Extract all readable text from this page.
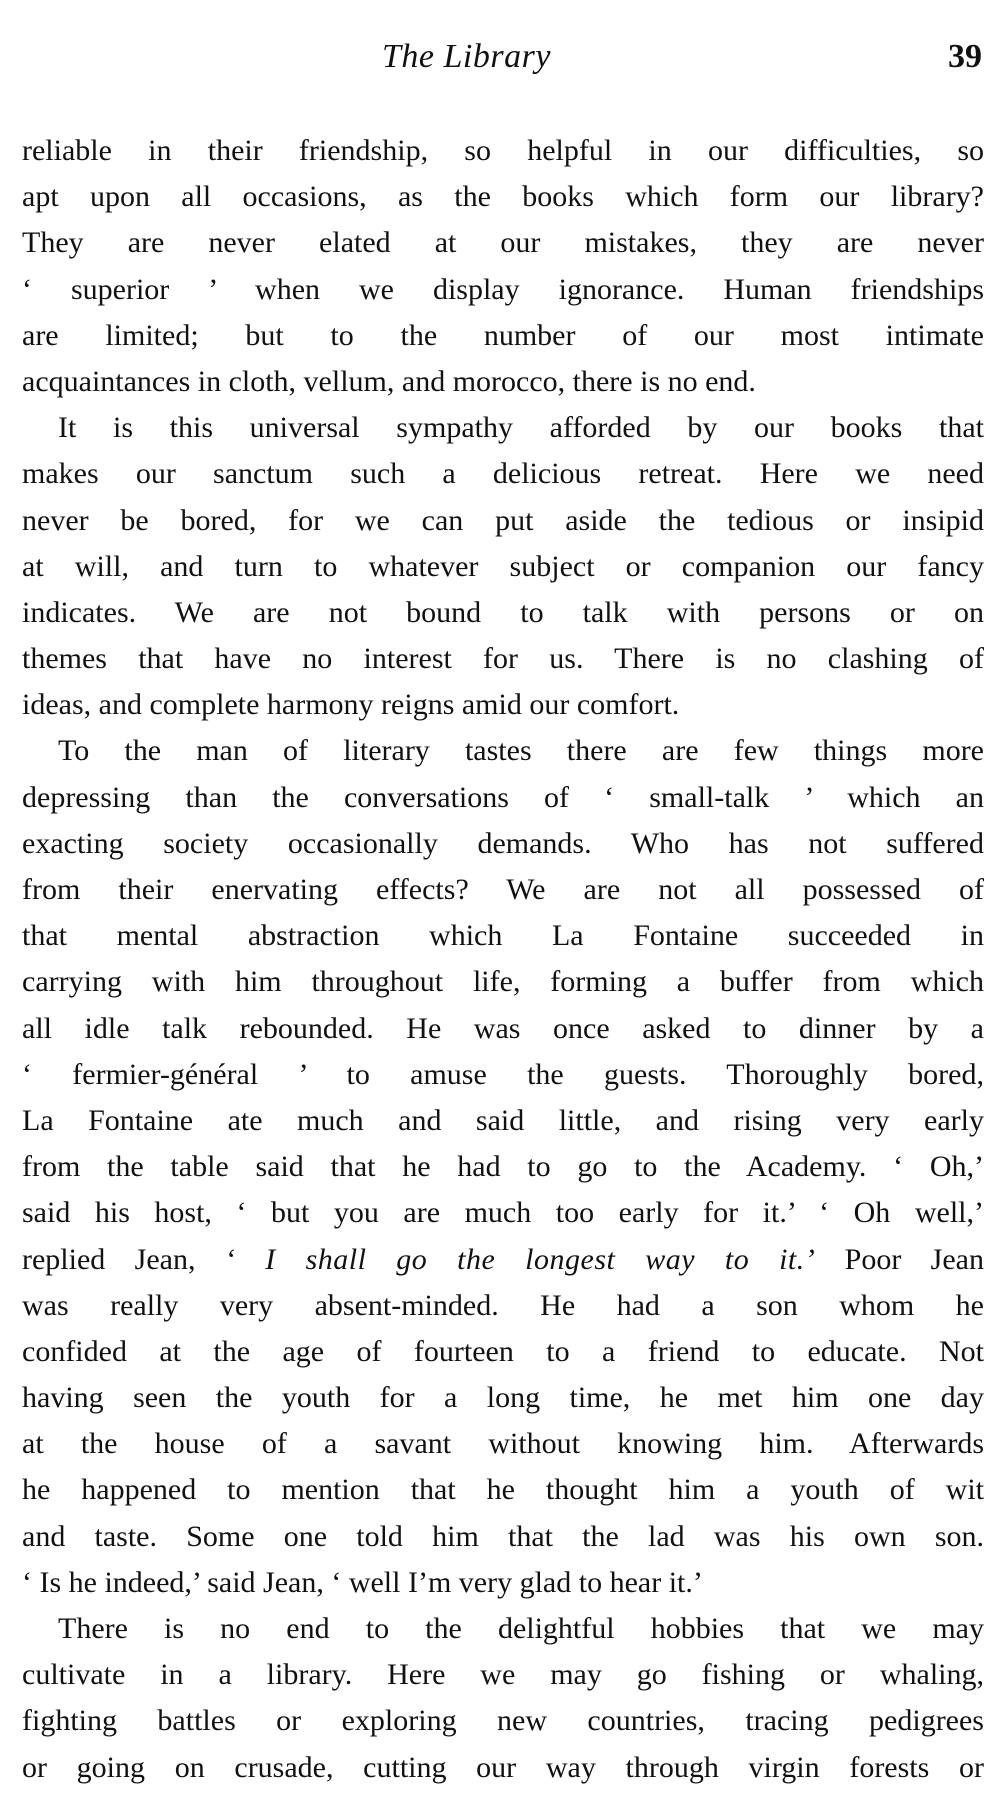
The Library	39
reliable in their friendship, so helpful in our difficulties, so
apt upon all occasions, as the books which form our library?
They are never elated at our mistakes, they are never
‘ superior ’ when we display ignorance. Human friendships
are limited; but to the number of our most intimate
acquaintances in cloth, vellum, and morocco, there is no end.
It is this universal sympathy afforded by our books that
makes our sanctum such a delicious retreat. Here we need
never be bored, for we can put aside the tedious or insipid
at will, and turn to whatever subject or companion our fancy
indicates. We are not bound to talk with persons or on
themes that have no interest for us. There is no clashing of
ideas, and complete harmony reigns amid our comfort.
To the man of literary tastes there are few things more
depressing than the conversations of ‘ small-talk ’ which an
exacting society occasionally demands. Who has not suffered
from their enervating effects? We are not all possessed of
that mental abstraction which La Fontaine succeeded in
carrying with him throughout life, forming a buffer from which
all idle talk rebounded. He was once asked to dinner by a
‘ fermier-général ’ to amuse the guests. Thoroughly bored,
La Fontaine ate much and said little, and rising very early
from the table said that he had to go to the Academy. ‘ Oh,’
said his host, ‘ but you are much too early for it.’ ‘ Oh well,’
replied Jean, ‘ I shall go the longest way to it.’ Poor Jean
was really very absent-minded. He had a son whom he
confided at the age of fourteen to a friend to educate. Not
having seen the youth for a long time, he met him one day
at the house of a savant without knowing him. Afterwards
he happened to mention that he thought him a youth of wit
and taste. Some one told him that the lad was his own son.
‘ Is he indeed,’ said Jean, ‘ well I’m very glad to hear it.’
There is no end to the delightful hobbies that we may
cultivate in a library. Here we may go fishing or whaling,
fighting battles or exploring new countries, tracing pedigrees
or going on crusade, cutting our way through virgin forests or
